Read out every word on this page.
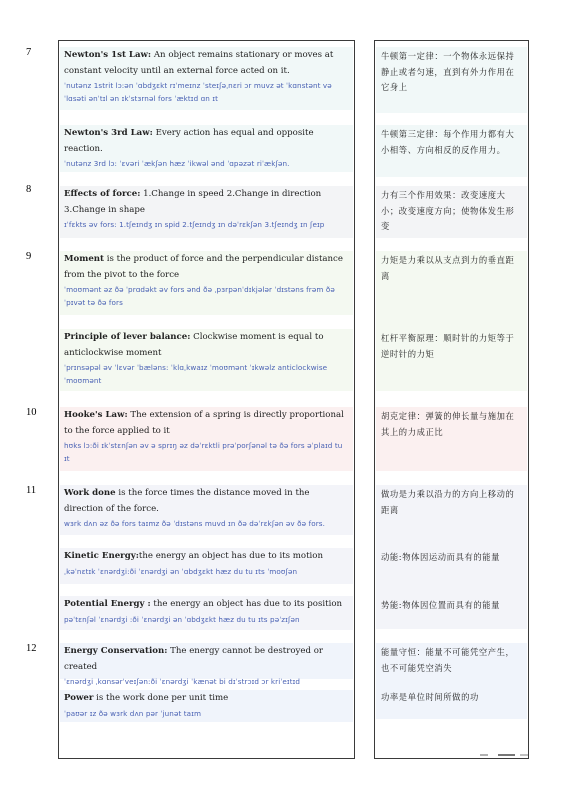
7
8
9
10
11
12
Newton's 1st Law: An object remains stationary or moves at constant velocity until an external force acted on it.
ˈnutənz 1strit lɔ:ən ˈɑbdʒɛkt rɪˈmeɪnz ˈsteɪʃəˌnɛri ɔr muvz ət ˈkɑnstənt vəˈlɑsəti ənˈtɪl ən ɪkˈstɜrnəl fors ˈæktɪd ɑn ɪt
牛顿第一定律：一个物体永远保持静止或者匀速，直到有外力作用在它身上
Newton's 3rd Law: Every action has equal and opposite reaction.
ˈnutənz 3rd lɔ: ˈɛvəri ˈækʃən hæz ˈikwəl ənd ˈɑpəzət riˈækʃən.
牛顿第三定律：每个作用力都有大小相等、方向相反的反作用力。
Effects of force: 1.Change in speed 2.Change in direction 3.Change in shape
ɪˈfɛkts əv fors: 1.tʃeɪndʒ ɪn spid 2.tʃeɪndʒ ɪn dəˈrɛkʃən 3.tʃeɪndʒ ɪn ʃeɪp
力有三个作用效果：改变速度大小；改变速度方向；使物体发生形变
Moment is the product of force and the perpendicular distance from the pivot to the force
ˈmoʊmənt əz ðə ˈprɑdəkt əv fors ənd ðə ˌpɜrpənˈdɪkjələr ˈdɪstəns frəm ðə ˈpɪvət tə ðə fors
力矩是力乘以从支点到力的垂直距离
Principle of lever balance: Clockwise moment is equal to anticlockwise moment
ˈprɪnsəpəl əv ˈlɛvər ˈbæləns: ˈklɑˌkwaɪz ˈmoʊmənt ˈɪkwəlz anticlockwise ˈmoʊmənt
杠杆平衡原理：顺时针的力矩等于逆时针的力矩
Hooke's Law: The extension of a spring is directly proportional to the force applied to it
hʊks lɔ:ði ɪkˈstɛnʃən əv ə sprɪŋ əz dəˈrɛktli prəˈporʃənəl tə ðə fors əˈplaɪd tu ɪt
胡克定律：弹簧的伸长量与施加在其上的力成正比
Work done is the force times the distance moved in the direction of the force.
wɜrk dʌn əz ðə fors taɪmz ðə ˈdɪstəns muvd ɪn ðə dəˈrɛkʃən əv ðə fors.
做功是力乘以沿力的方向上移动的距离
Kinetic Energy:the energy an object has due to its motion
ˌkəˈnɛtɪk ˈɛnərdʒi:ði ˈɛnərdʒi ən ˈɑbdʒɛkt hæz du tu ɪts ˈmoʊʃən
动能:物体因运动而具有的能量
Potential Energy : the energy an object has due to its position
pəˈtɛnʃəl ˈɛnərdʒi :ði ˈɛnərdʒi ən ˈɑbdʒɛkt hæz du tu ɪts pəˈzɪʃən
势能:物体因位置而具有的能量
Energy Conservation: The energy cannot be destroyed or created
ˈɛnərdʒi ˌkɑnsərˈveɪʃən:ði ˈɛnərdʒi ˈkænət bi dɪˈstrɔɪd ɔr kriˈeɪtɪd
能量守恒：能量不可能凭空产生，也不可能凭空消失
Power is the work done per unit time
ˈpaʊər ɪz ðə wɜrk dʌn pər ˈjunət taɪm
功率是单位时间所做的功
